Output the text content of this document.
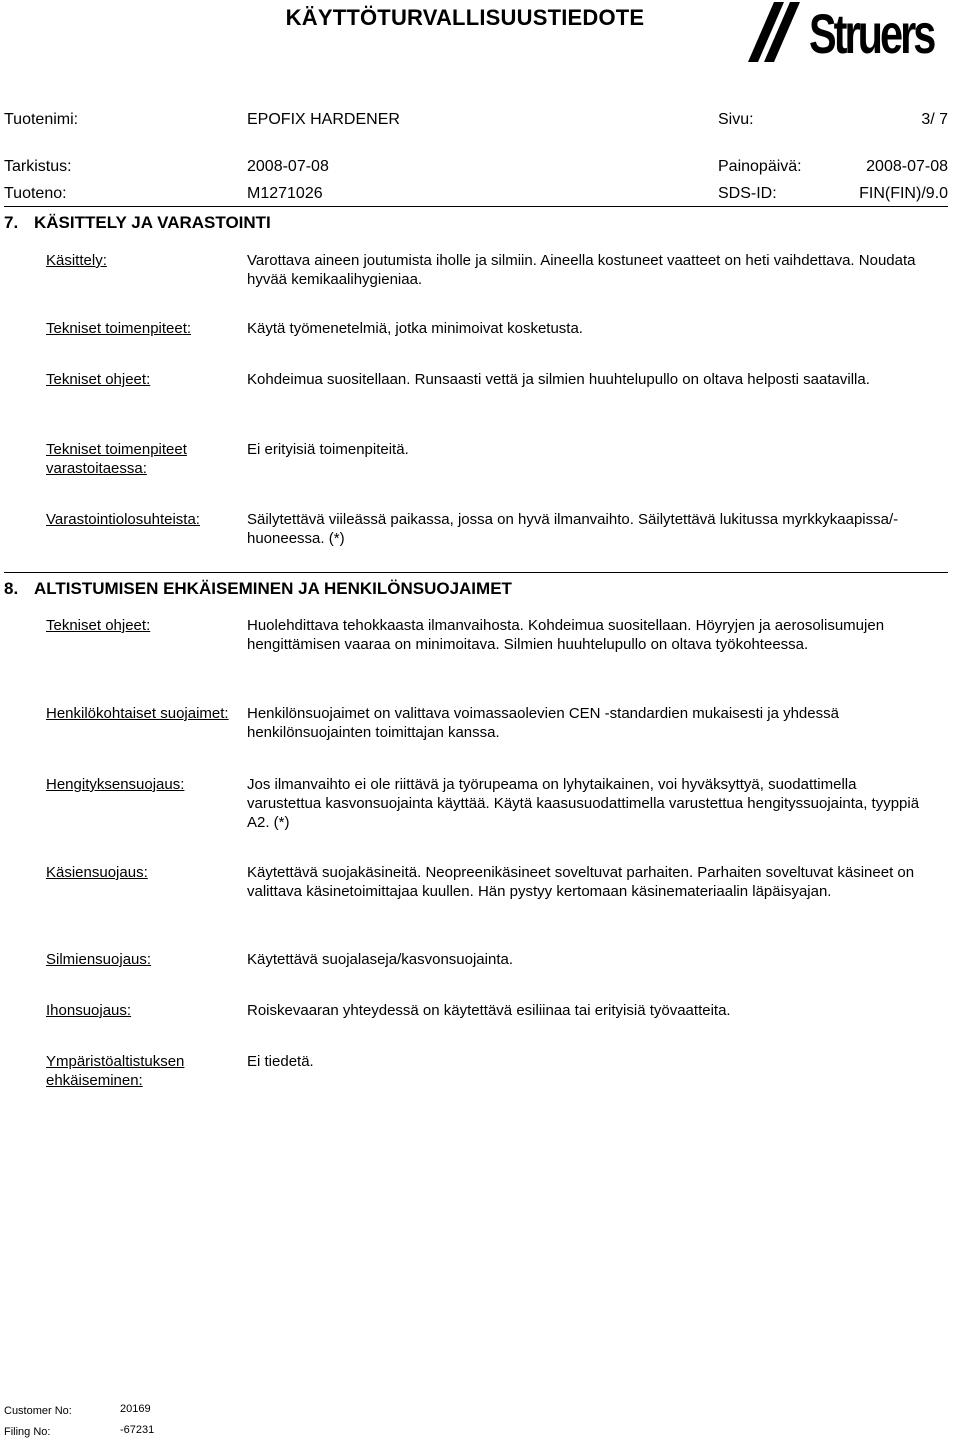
KÄYTTÖTURVALLISUUSTIEDOTE	Struers
Tuotenimi:	EPOFIX HARDENER	Sivu:	3/ 7
Tarkistus:	2008-07-08	Painopäivä:	2008-07-08
Tuoteno:	M1271026	SDS-ID:	FIN(FIN)/9.0
7. KÄSITTELY JA VARASTOINTI
Käsittely:	Varottava aineen joutumista iholle ja silmiin. Aineella kostuneet vaatteet on heti vaihdettava. Noudata hyvää kemikaalihygieniaa.
Tekniset toimenpiteet:	Käytä työmenetelmiä, jotka minimoivat kosketusta.
Tekniset ohjeet:	Kohdeimua suositellaan. Runsaasti vettä ja silmien huuhtelupullo on oltava helposti saatavilla.
Tekniset toimenpiteet varastoitaessa:
Ei erityisiä toimenpiteitä.
Varastointiolosuhteista:	Säilytettävä viileässä paikassa, jossa on hyvä ilmanvaihto. Säilytettävä lukitussa myrkkykaapissa/-huoneessa. (*)
8. ALTISTUMISEN EHKÄISEMINEN JA HENKILÖNSUOJAIMET
Tekniset ohjeet:	Huolehdittava tehokkaasta ilmanvaihosta. Kohdeimua suositellaan. Höyryjen ja aerosolisumujen hengittämisen vaaraa on minimoitava. Silmien huuhtelupullo on oltava työkohteessa.
Henkilökohtaiset suojaimet: Henkilönsuojaimet on valittava voimassaolevien CEN -standardien mukaisesti ja yhdessä henkilönsuojainten toimittajan kanssa.
Hengityksensuojaus:	Jos ilmanvaihto ei ole riittävä ja työrupeama on lyhytaikainen, voi hyväksyttyä, suodattimella varustettua kasvonsuojainta käyttää. Käytä kaasusuodattimella varustettua hengityssuojainta, tyyppiä A2. (*)
Käsiensuojaus:	Käytettävä suojakäsineitä. Neopreenikäsineet soveltuvat parhaiten. Parhaiten soveltuvat käsineet on valittava käsinetoimittajaa kuullen. Hän pystyy kertomaan käsinemateriaalin läpäisyajan.
Silmiensuojaus:	Käytettävä suojalaseja/kasvonsuojainta.
Ihonsuojaus:	Roiskevaaran yhteydessä on käytettävä esiliinaa tai erityisiä työvaatteita.
Ympäristöaltistuksen ehkäiseminen:
Ei tiedetä.
Customer No:	20169
Filing No:	-67231
